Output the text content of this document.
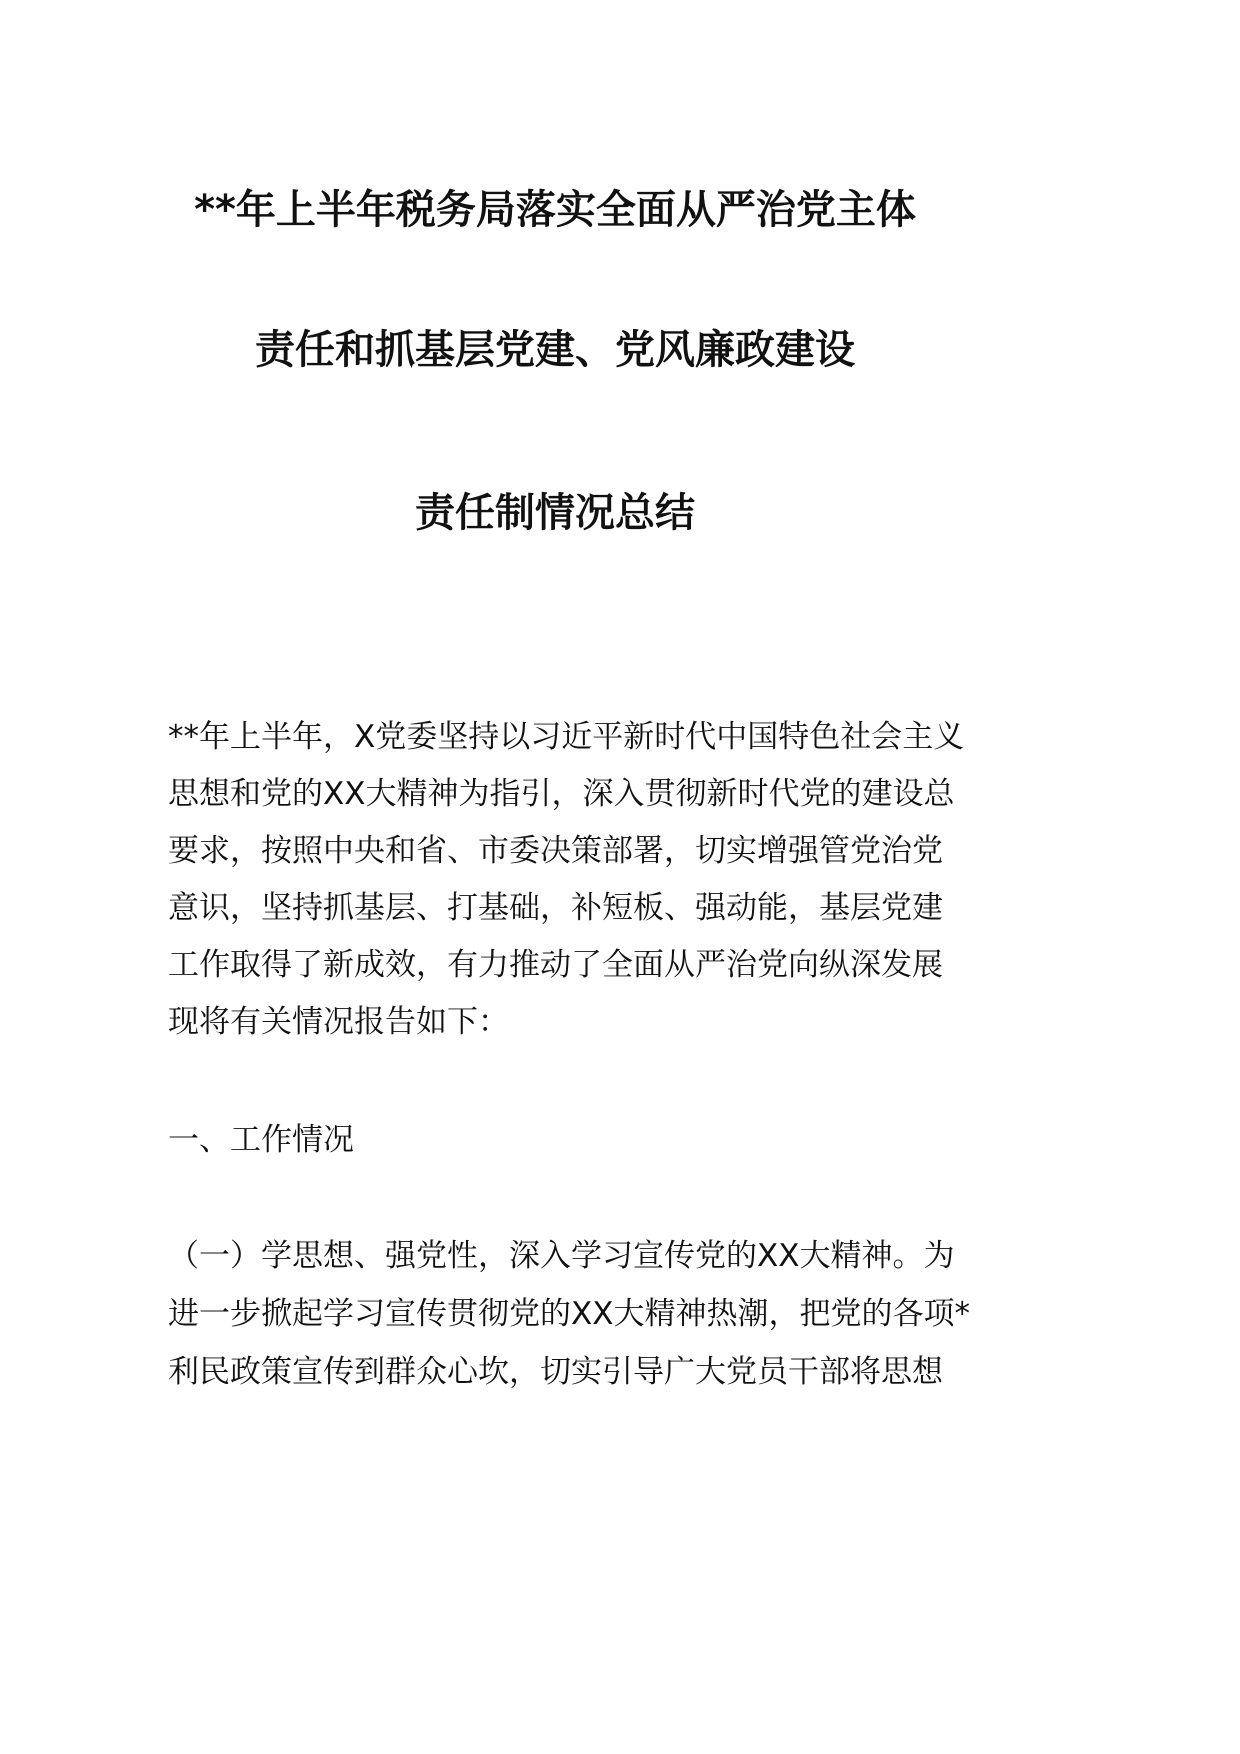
**年上半年税务局落实全面从严治党主体
责任和抓基层党建、党风廉政建设
责任制情况总结
**年上半年，X党委坚持以习近平新时代中国特色社会主义
思想和党的XX大精神为指引，深入贯彻新时代党的建设总
要求，按照中央和省、市委决策部署，切实增强管党治党
意识，坚持抓基层、打基础，补短板、强动能，基层党建
工作取得了新成效，有力推动了全面从严治党向纵深发展
现将有关情况报告如下：
一、工作情况
（一）学思想、强党性，深入学习宣传党的XX大精神。为
进一步掀起学习宣传贯彻党的XX大精神热潮，把党的各项*
利民政策宣传到群众心坎，切实引导广大党员干部将思想
